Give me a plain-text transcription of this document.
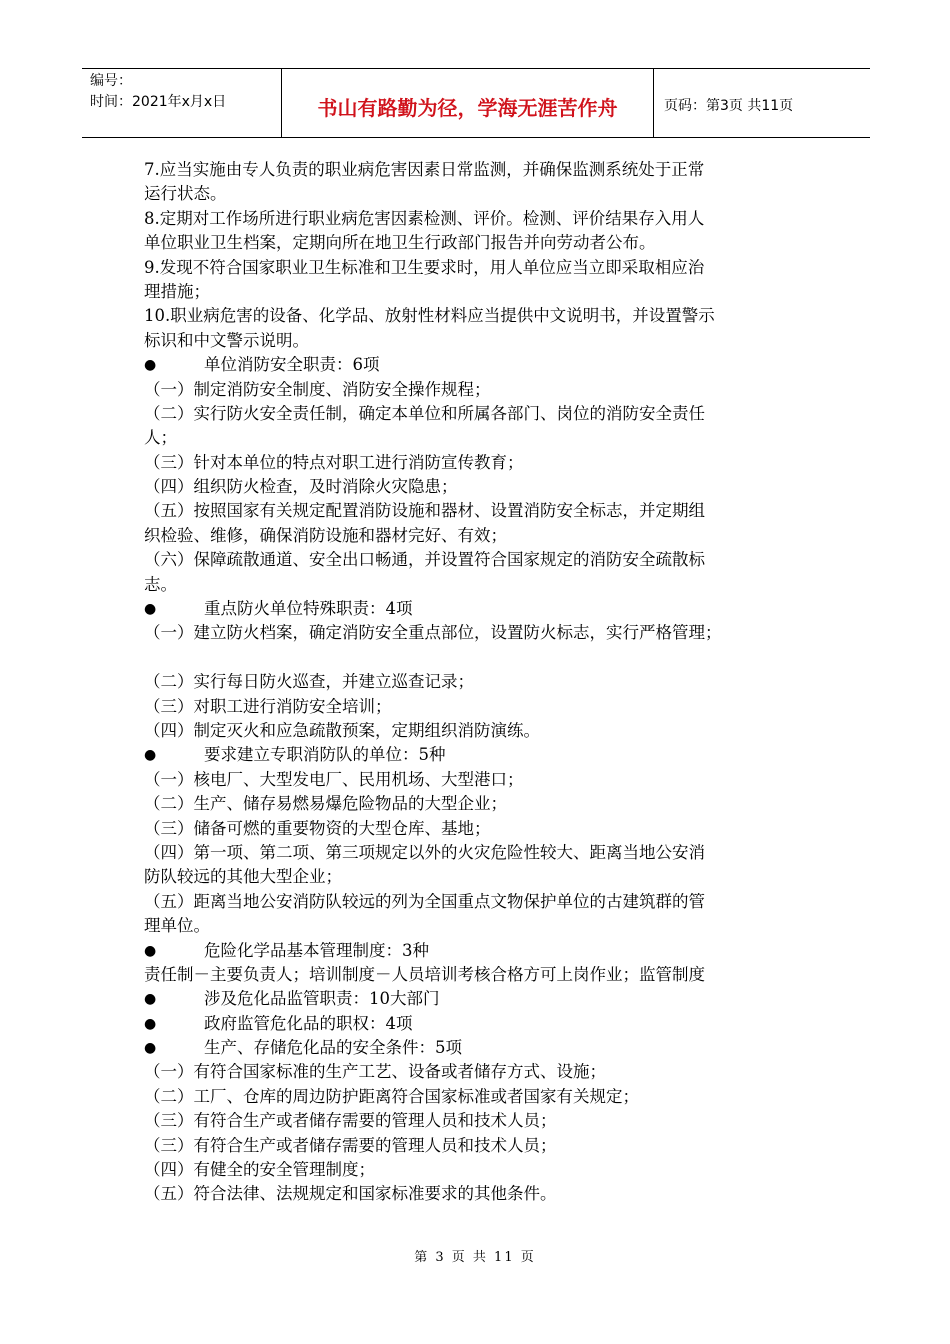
编号：
时间：2021年x月x日	书山有路勤为径，学海无涯苦作舟	页码：第3页 共11页
7.应当实施由专人负责的职业病危害因素日常监测，并确保监测系统处于正常
运行状态。
8.定期对工作场所进行职业病危害因素检测、评价。检测、评价结果存入用人
单位职业卫生档案，定期向所在地卫生行政部门报告并向劳动者公布。
9.发现不符合国家职业卫生标准和卫生要求时，用人单位应当立即采取相应治
理措施；
10.职业病危害的设备、化学品、放射性材料应当提供中文说明书，并设置警示
标识和中文警示说明。
●	单位消防安全职责：6项
（一）制定消防安全制度、消防安全操作规程；
（二）实行防火安全责任制，确定本单位和所属各部门、岗位的消防安全责任
人；
（三）针对本单位的特点对职工进行消防宣传教育；
（四）组织防火检查，及时消除火灾隐患；
（五）按照国家有关规定配置消防设施和器材、设置消防安全标志，并定期组
织检验、维修，确保消防设施和器材完好、有效；
（六）保障疏散通道、安全出口畅通，并设置符合国家规定的消防安全疏散标
志。
●	重点防火单位特殊职责：4项
（一）建立防火档案，确定消防安全重点部位，设置防火标志，实行严格管理；
（二）实行每日防火巡查，并建立巡查记录；
（三）对职工进行消防安全培训；
（四）制定灭火和应急疏散预案，定期组织消防演练。
●	要求建立专职消防队的单位：5种
（一）核电厂、大型发电厂、民用机场、大型港口；
（二）生产、储存易燃易爆危险物品的大型企业；
（三）储备可燃的重要物资的大型仓库、基地；
（四）第一项、第二项、第三项规定以外的火灾危险性较大、距离当地公安消
防队较远的其他大型企业；
（五）距离当地公安消防队较远的列为全国重点文物保护单位的古建筑群的管
理单位。
●	危险化学品基本管理制度：3种
责任制－主要负责人；培训制度－人员培训考核合格方可上岗作业；监管制度
●	涉及危化品监管职责：10大部门
●	政府监管危化品的职权：4项
●	生产、存储危化品的安全条件：5项
（一）有符合国家标准的生产工艺、设备或者储存方式、设施；
（二）工厂、仓库的周边防护距离符合国家标准或者国家有关规定；
（三）有符合生产或者储存需要的管理人员和技术人员；
（三）有符合生产或者储存需要的管理人员和技术人员；
（四）有健全的安全管理制度；
（五）符合法律、法规规定和国家标准要求的其他条件。
第 3 页 共 11 页
